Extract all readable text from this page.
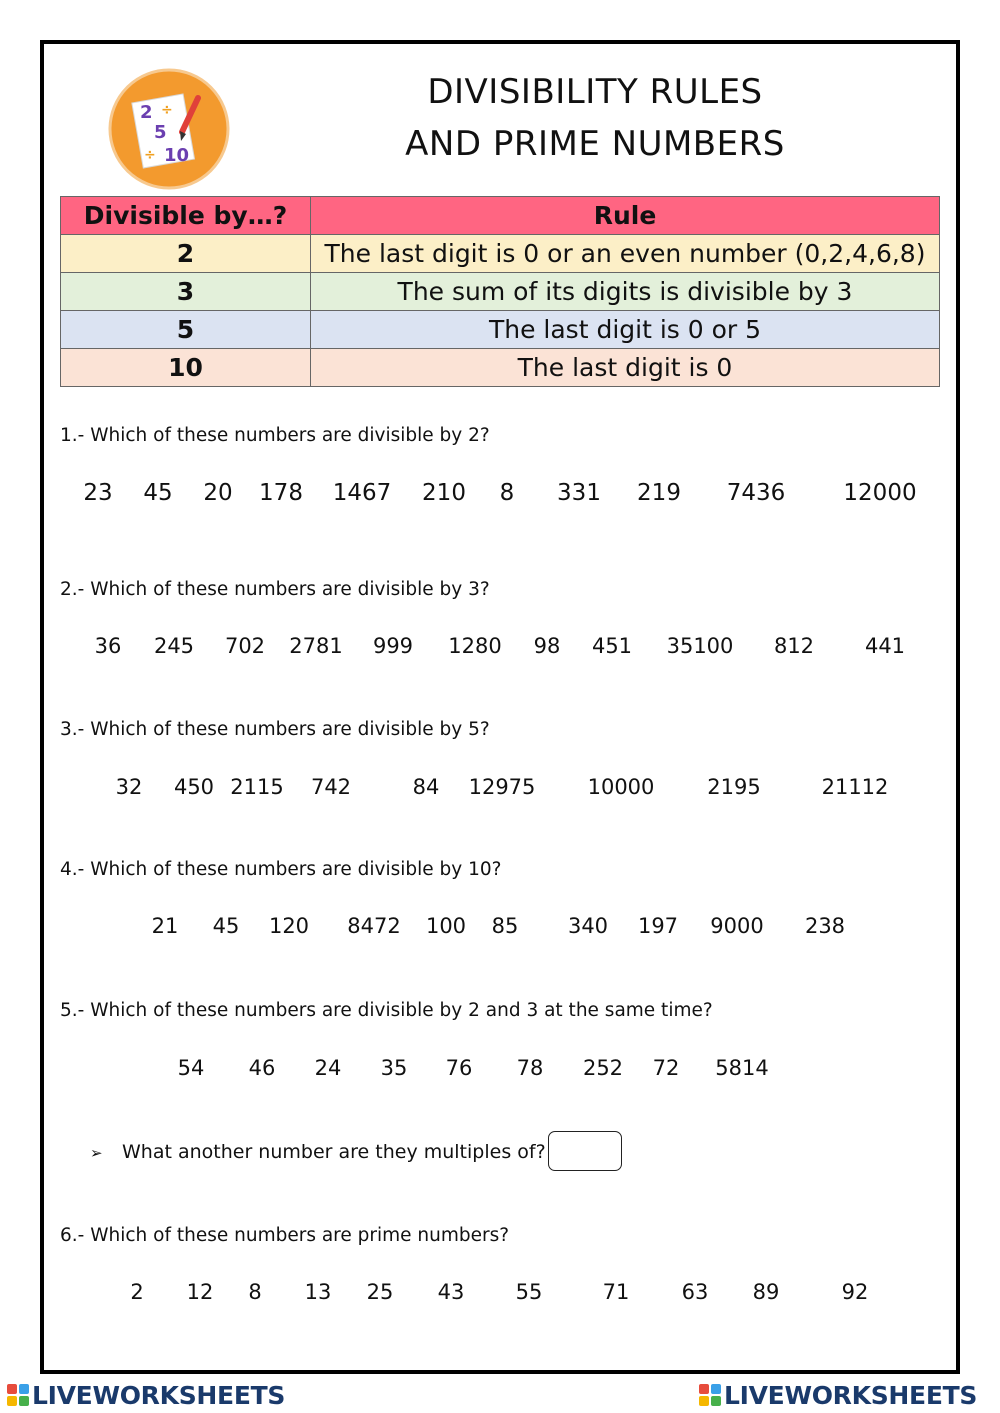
2 ÷
5
÷ 10
DIVISIBILITY RULES
AND PRIME NUMBERS
Divisible by…?	Rule
2	The last digit is 0 or an even number (0,2,4,6,8)
3	The sum of its digits is divisible by 3
5	The last digit is 0 or 5
10	The last digit is 0
1.- Which of these numbers are divisible by 2?
23 45 20 178 1467 210 8 331 219 7436	12000
2.- Which of these numbers are divisible by 3?
36 245 702 2781 999 1280 98 451 35100 812 441
3.- Which of these numbers are divisible by 5?
32 450 2115 742	84 12975 10000	2195	21112
4.- Which of these numbers are divisible by 10?
21 45 120 8472 100 85 340 197 9000 238
5.- Which of these numbers are divisible by 2 and 3 at the same time?
54 46 24 35 76 78 252 72 5814
➢ What another number are they multiples of?
6.- Which of these numbers are prime numbers?
2 12 8 13 25 43 55	71 63 89	92
LIVEWORKSHEETS	LIVEWORKSHEETS
